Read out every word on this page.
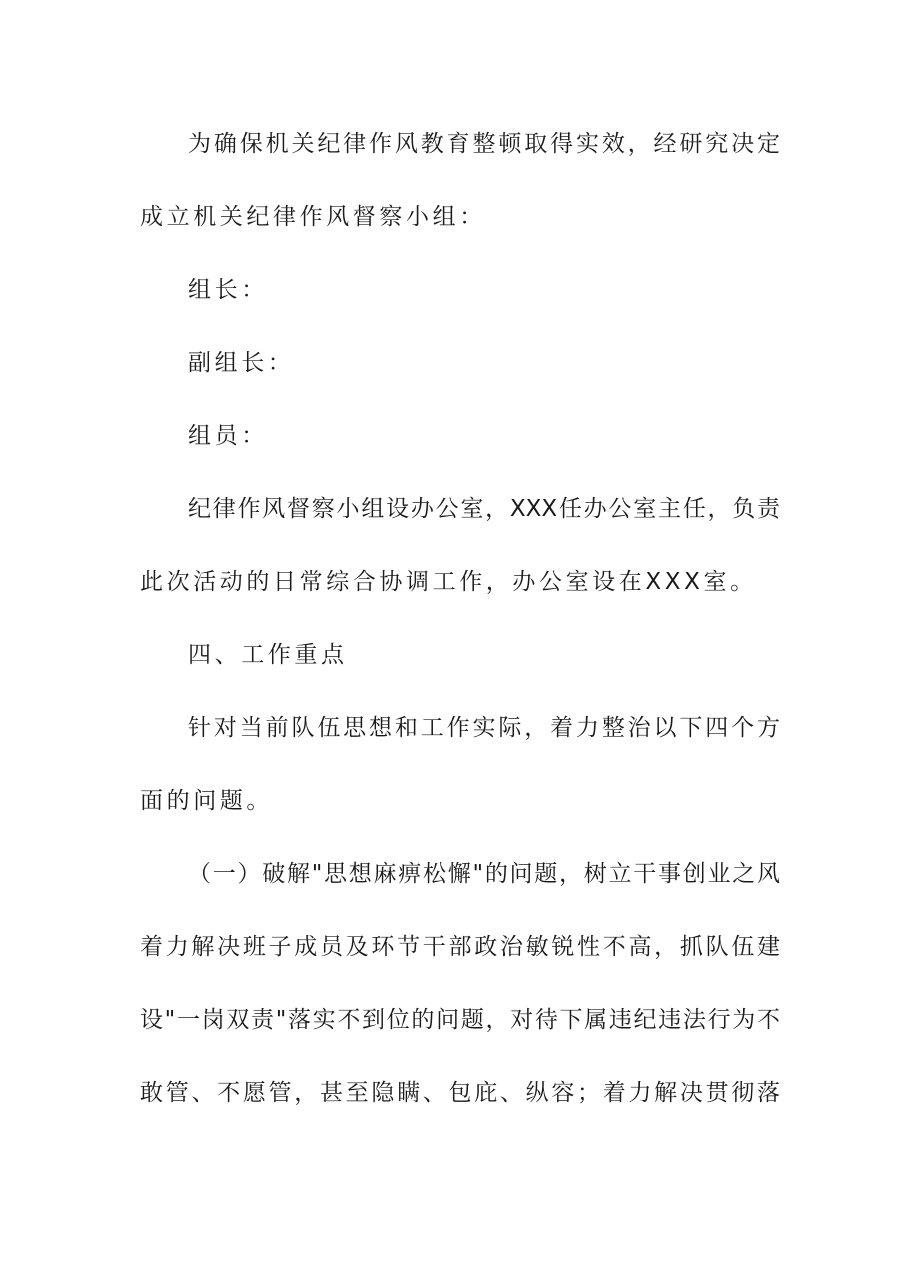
为确保机关纪律作风教育整顿取得实效，经研究决定
成立机关纪律作风督察小组：
组长：
副组长：
组员：
纪律作风督察小组设办公室，XXX任办公室主任，负责
此次活动的日常综合协调工作，办公室设在XXX室。
四、工作重点
针对当前队伍思想和工作实际，着力整治以下四个方
面的问题。
（一）破解"思想麻痹松懈"的问题，树立干事创业之风
着力解决班子成员及环节干部政治敏锐性不高，抓队伍建
设"一岗双责"落实不到位的问题，对待下属违纪违法行为不
敢管、不愿管，甚至隐瞒、包庇、纵容；着力解决贯彻落
